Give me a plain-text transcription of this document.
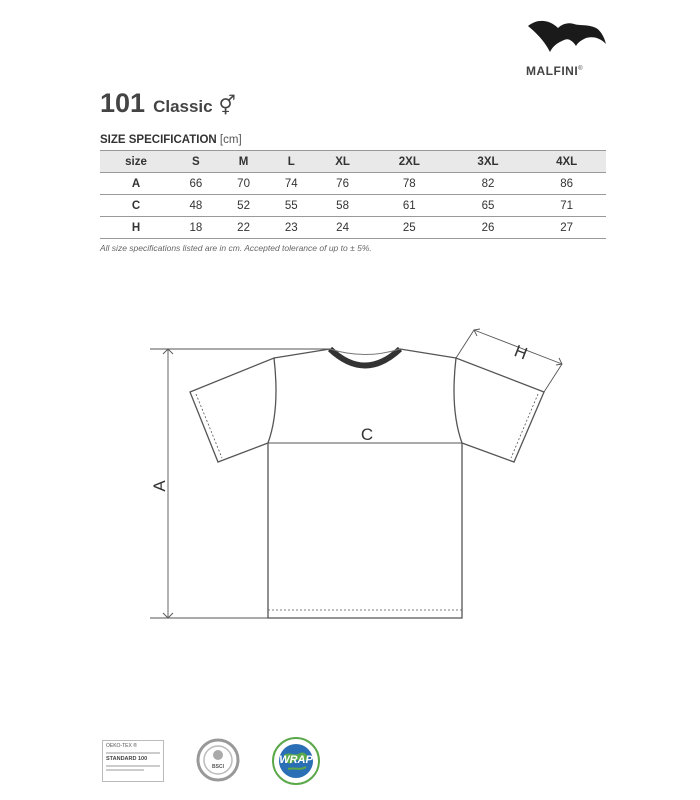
MALFINI®
101 Classic ⚥
SIZE SPECIFICATION [cm]
size	S	M	L	XL	2XL	3XL	4XL
A	66	70	74	76	78	82	86
C	48	52	55	58	61	65	71
H	18	22	23	24	25	26	27
All size specifications listed are in cm. Accepted tolerance of up to ± 5%.
A
C
H
OEKO-TEX ®
STANDARD 100
BSCI
WRAP
